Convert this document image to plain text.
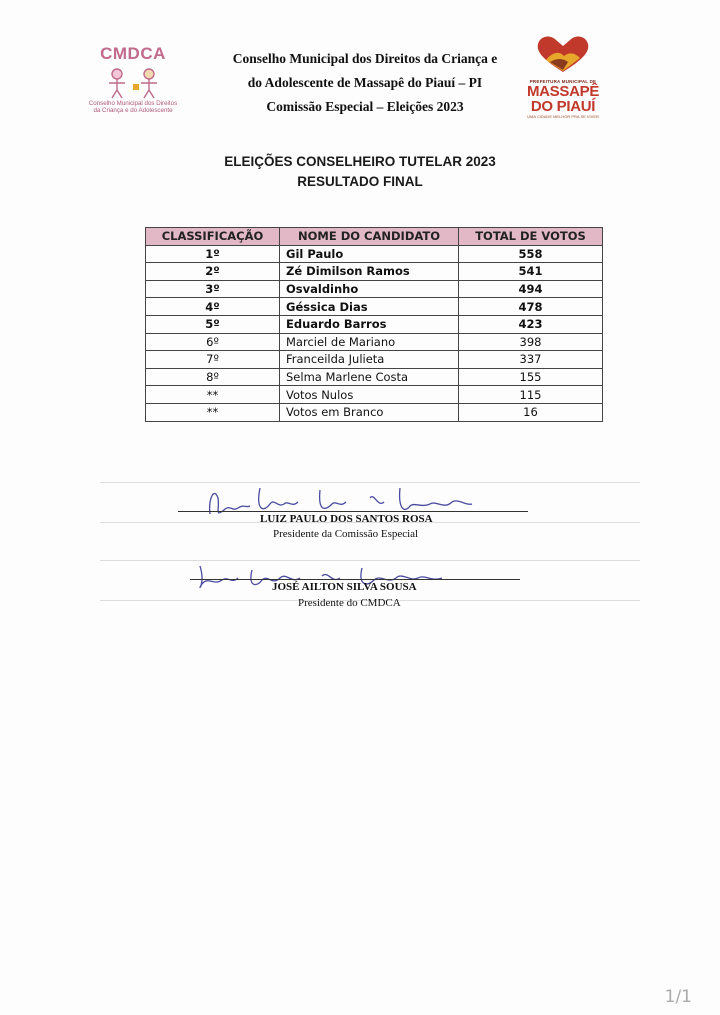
CMDCA
Conselho Municipal dos Direitos
da Criança e do Adolescente
Conselho Municipal dos Direitos da Criança e
do Adolescente de Massapê do Piauí – PI
Comissão Especial – Eleições 2023
PREFEITURA MUNICIPAL DE
MASSAPÊ
DO PIAUÍ
UMA CIDADE MELHOR PRA SE VIVER
ELEIÇÕES CONSELHEIRO TUTELAR 2023
RESULTADO FINAL
CLASSIFICAÇÃO	NOME DO CANDIDATO	TOTAL DE VOTOS
1º	Gil Paulo	558
2º	Zé Dimilson Ramos	541
3º	Osvaldinho	494
4º	Géssica Dias	478
5º	Eduardo Barros	423
6º	Marciel de Mariano	398
7º	Franceilda Julieta	337
8º	Selma Marlene Costa	155
**	Votos Nulos	115
**	Votos em Branco	16
LUIZ PAULO DOS SANTOS ROSA
Presidente da Comissão Especial
JOSÉ AILTON SILVA SOUSA
Presidente do CMDCA
1/1
